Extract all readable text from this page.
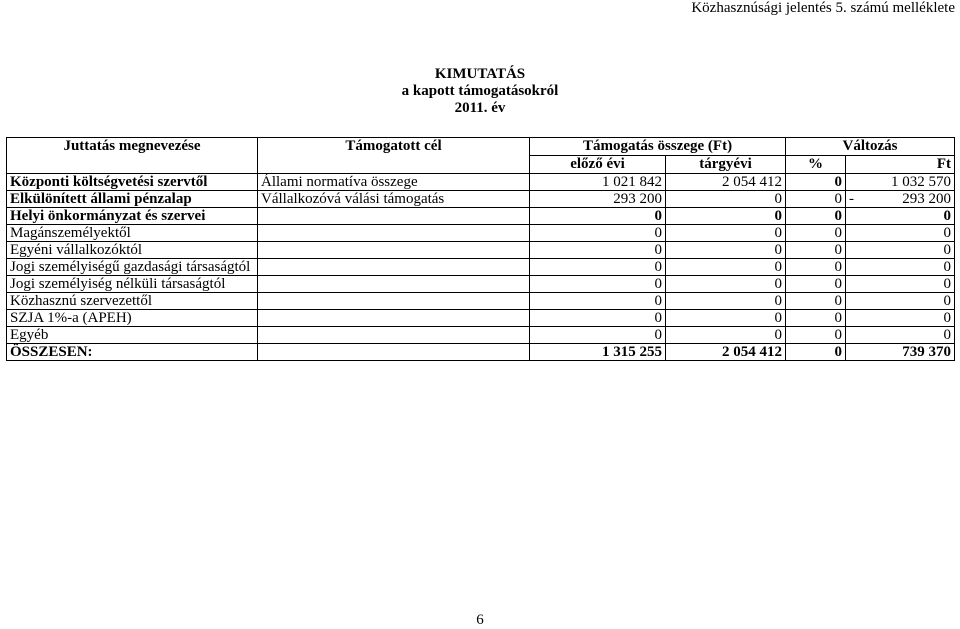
Közhasznúsági jelentés 5. számú melléklete
KIMUTATÁS
a kapott támogatásokról
2011. év
Juttatás megnevezése	Támogatott cél	Támogatás összege (Ft)		Változás	
		előző évi	tárgyévi	%	Ft
Központi költségvetési szervtől	Állami normatíva összege	1 021 842	2 054 412	0	1 032 570

Elkülönített állami pénzalap	Vállalkozóvá válási támogatás	293 200	0	0	- 293 200

Helyi önkormányzat és szervei		0	0	0	0

Magánszemélyektől		0	0	0	0

Egyéni vállalkozóktól		0	0	0	0

Jogi személyiségű gazdasági társaságtól		0	0	0	0

Jogi személyiség nélküli társaságtól		0	0	0	0

Közhasznú szervezettől		0	0	0	0

SZJA 1%-a (APEH)		0	0	0	0

Egyéb		0	0	0	0

ÖSSZESEN:		1 315 255	2 054 412	0	739 370
6
